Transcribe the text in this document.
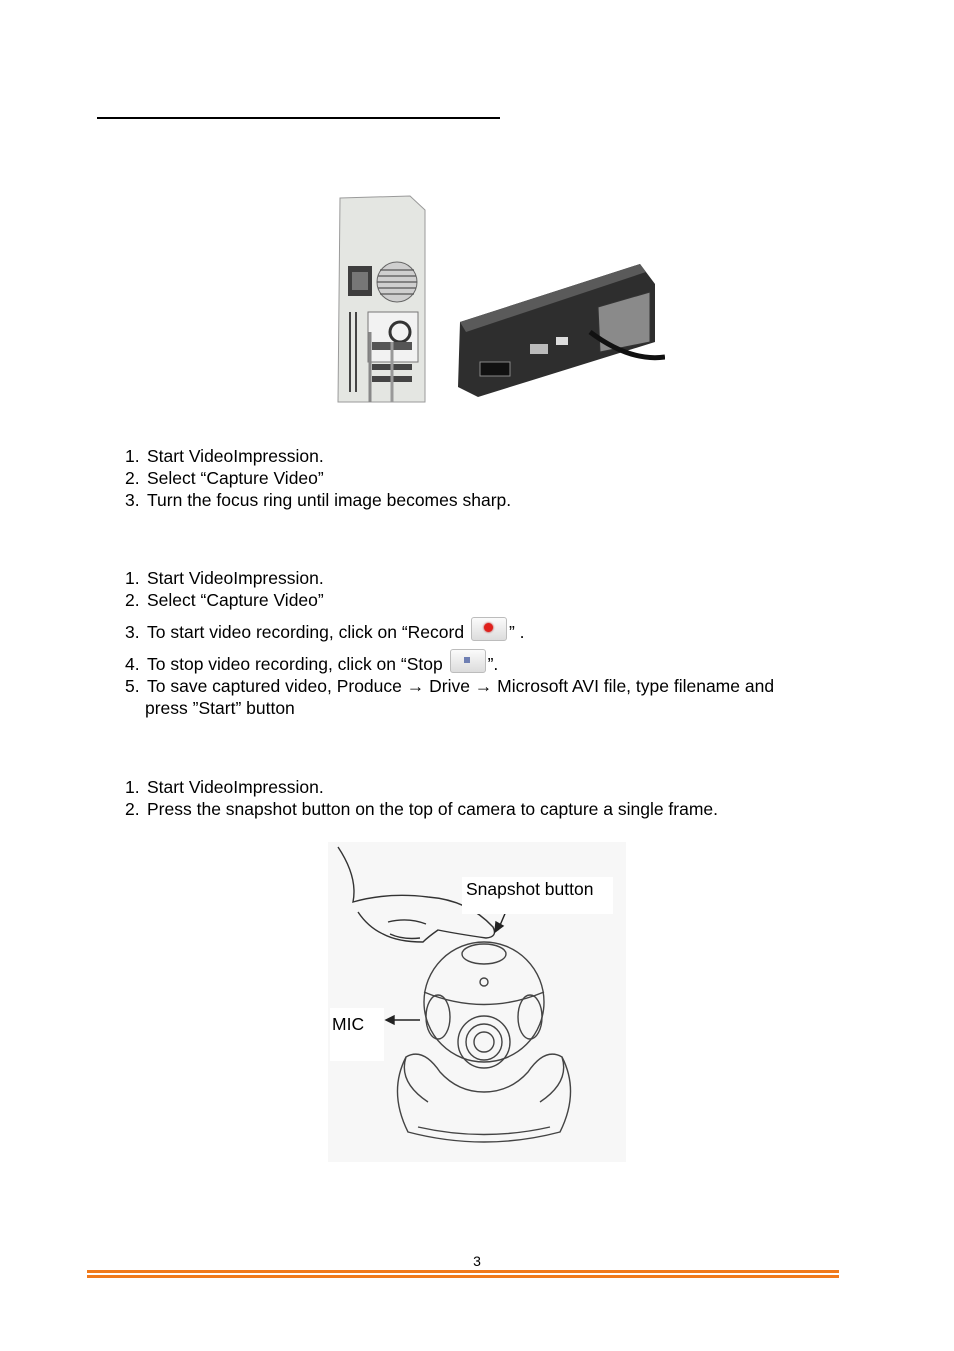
1. Start VideoImpression.
2. Select “Capture Video”
3. Turn the focus ring until image becomes sharp.
1. Start VideoImpression.
2. Select “Capture Video”
3. To start video recording, click on “Record	” .
4. To stop video recording, click on “Stop	”.
5. To save captured video, Produce → Drive → Microsoft AVI file, type filename and
press ”Start” button
1. Start VideoImpression.
2. Press the snapshot button on the top of camera to capture a single frame.
Snapshot button
MIC
3
